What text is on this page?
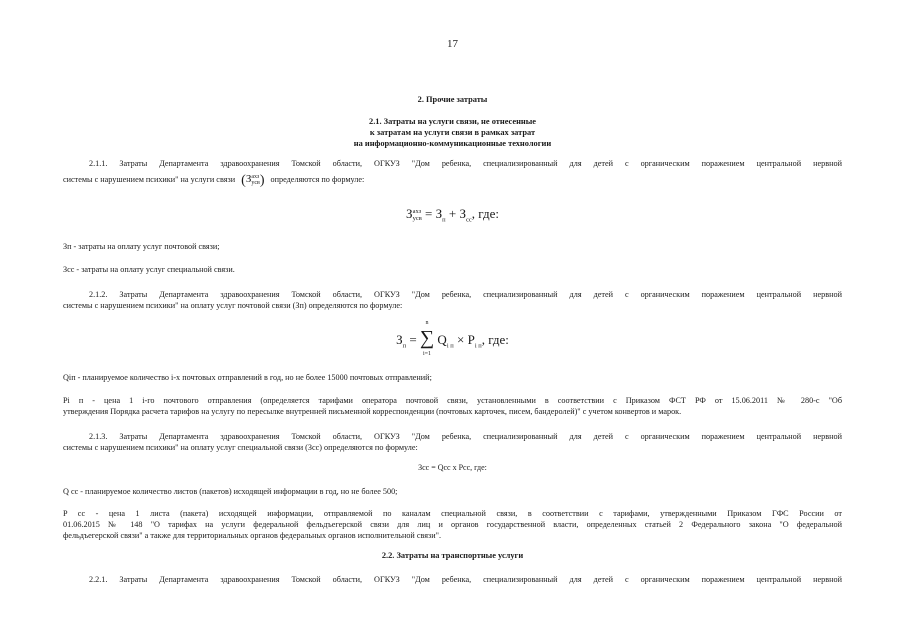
17
2. Прочие затраты
2.1. Затраты на услуги связи, не отнесенные
к затратам на услуги связи в рамках затрат
на информационно-коммуникационные технологии
2.1.1. Затраты Департамента здравоохранения Томской области, ОГКУЗ "Дом ребенка, специализированный для детей с органическим поражением центральной нервной
системы с нарушением психики" на услуги связи (З ахз
усв ) определяются по формуле:
З ахз
усв = $З_п + З_{сс}$, где:
Зп - затраты на оплату услуг почтовой связи;
Зсс - затраты на оплату услуг специальной связи.
2.1.2. Затраты Департамента здравоохранения Томской области, ОГКУЗ "Дом ребенка, специализированный для детей с органическим поражением центральной нервной
системы с нарушением психики" на оплату услуг почтовой связи (Зп) определяются по формуле:
$З_п$ =
n
∑
i=1
$Q_{i п} \times P_{i п}$, где:
Qiп - планируемое количество i-х почтовых отправлений в год, но не более 15000 почтовых отправлений;
Pi п - цена 1 i-го почтового отправления (определяется тарифами оператора почтовой связи, установленными в соответствии с Приказом ФСТ РФ от 15.06.2011 № 280-с "Об
утверждения Порядка расчета тарифов на услугу по пересылке внутренней письменной корреспонденции (почтовых карточек, писем, бандеролей)" с учетом конвертов и марок.
2.1.3. Затраты Департамента здравоохранения Томской области, ОГКУЗ "Дом ребенка, специализированный для детей с органическим поражением центральной нервной
системы с нарушением психики" на оплату услуг специальной связи (Зсс) определяются по формуле:
Зсс = Qсс x Pсс, где:
Q сс - планируемое количество листов (пакетов) исходящей информации в год, но не более 500;
P сс - цена 1 листа (пакета) исходящей информации, отправляемой по каналам специальной связи, в соответствии с тарифами, утвержденными Приказом ГФС России от
01.06.2015 № 148 "О тарифах на услуги федеральной фельдъегерской связи для лиц и органов государственной власти, определенных статьей 2 Федерального закона "О федеральной
фельдъегерской связи" а также для территориальных органов федеральных органов исполнительной связи".
2.2. Затраты на транспортные услуги
2.2.1. Затраты Департамента здравоохранения Томской области, ОГКУЗ "Дом ребенка, специализированный для детей с органическим поражением центральной нервной
